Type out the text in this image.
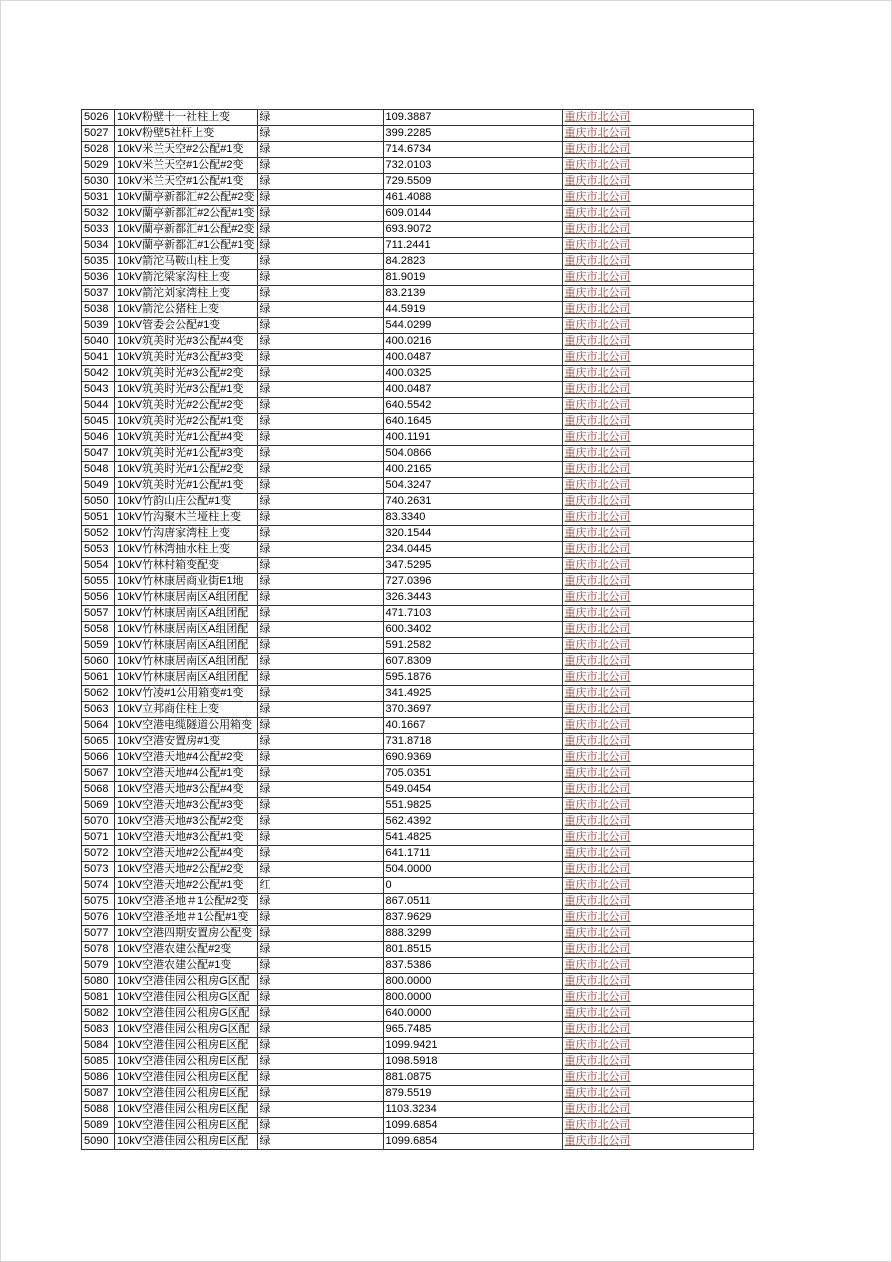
5026	10kV粉壁十一社柱上变	绿	109.3887	重庆市北公司
5027	10kV粉壁5社杆上变	绿	399.2285	重庆市北公司
5028	10kV米兰天空#2公配#1变	绿	714.6734	重庆市北公司
5029	10kV米兰天空#1公配#2变	绿	732.0103	重庆市北公司
5030	10kV米兰天空#1公配#1变	绿	729.5509	重庆市北公司
5031	10kV蘭亭新都汇#2公配#2变	绿	461.4088	重庆市北公司
5032	10kV蘭亭新都汇#2公配#1变	绿	609.0144	重庆市北公司
5033	10kV蘭亭新都汇#1公配#2变	绿	693.9072	重庆市北公司
5034	10kV蘭亭新都汇#1公配#1变	绿	711.2441	重庆市北公司
5035	10kV箭沱马鞍山柱上变	绿	84.2823	重庆市北公司
5036	10kV箭沱梁家沟柱上变	绿	81.9019	重庆市北公司
5037	10kV箭沱刘家湾柱上变	绿	83.2139	重庆市北公司
5038	10kV箭沱公猪柱上变	绿	44.5919	重庆市北公司
5039	10kV管委会公配#1变	绿	544.0299	重庆市北公司
5040	10kV筑美时光#3公配#4变	绿	400.0216	重庆市北公司
5041	10kV筑美时光#3公配#3变	绿	400.0487	重庆市北公司
5042	10kV筑美时光#3公配#2变	绿	400.0325	重庆市北公司
5043	10kV筑美时光#3公配#1变	绿	400.0487	重庆市北公司
5044	10kV筑美时光#2公配#2变	绿	640.5542	重庆市北公司
5045	10kV筑美时光#2公配#1变	绿	640.1645	重庆市北公司
5046	10kV筑美时光#1公配#4变	绿	400.1191	重庆市北公司
5047	10kV筑美时光#1公配#3变	绿	504.0866	重庆市北公司
5048	10kV筑美时光#1公配#2变	绿	400.2165	重庆市北公司
5049	10kV筑美时光#1公配#1变	绿	504.3247	重庆市北公司
5050	10kV竹韵山庄公配#1变	绿	740.2631	重庆市北公司
5051	10kV竹沟聚木兰垭柱上变	绿	83.3340	重庆市北公司
5052	10kV竹沟唐家湾柱上变	绿	320.1544	重庆市北公司
5053	10kV竹林湾抽水柱上变	绿	234.0445	重庆市北公司
5054	10kV竹林村箱变配变	绿	347.5295	重庆市北公司
5055	10kV竹林康居商业街E1地	绿	727.0396	重庆市北公司
5056	10kV竹林康居南区A组团配	绿	326.3443	重庆市北公司
5057	10kV竹林康居南区A组团配	绿	471.7103	重庆市北公司
5058	10kV竹林康居南区A组团配	绿	600.3402	重庆市北公司
5059	10kV竹林康居南区A组团配	绿	591.2582	重庆市北公司
5060	10kV竹林康居南区A组团配	绿	607.8309	重庆市北公司
5061	10kV竹林康居南区A组团配	绿	595.1876	重庆市北公司
5062	10kV竹凌#1公用箱变#1变	绿	341.4925	重庆市北公司
5063	10kV立邦商住柱上变	绿	370.3697	重庆市北公司
5064	10kV空港电缆隧道公用箱变	绿	40.1667	重庆市北公司
5065	10kV空港安置房#1变	绿	731.8718	重庆市北公司
5066	10kV空港天地#4公配#2变	绿	690.9369	重庆市北公司
5067	10kV空港天地#4公配#1变	绿	705.0351	重庆市北公司
5068	10kV空港天地#3公配#4变	绿	549.0454	重庆市北公司
5069	10kV空港天地#3公配#3变	绿	551.9825	重庆市北公司
5070	10kV空港天地#3公配#2变	绿	562.4392	重庆市北公司
5071	10kV空港天地#3公配#1变	绿	541.4825	重庆市北公司
5072	10kV空港天地#2公配#4变	绿	641.1711	重庆市北公司
5073	10kV空港天地#2公配#2变	绿	504.0000	重庆市北公司
5074	10kV空港天地#2公配#1变	红	0	重庆市北公司
5075	10kV空港圣地＃1公配#2变	绿	867.0511	重庆市北公司
5076	10kV空港圣地＃1公配#1变	绿	837.9629	重庆市北公司
5077	10kV空港四期安置房公配变	绿	888.3299	重庆市北公司
5078	10kV空港农建公配#2变	绿	801.8515	重庆市北公司
5079	10kV空港农建公配#1变	绿	837.5386	重庆市北公司
5080	10kV空港佳园公租房G区配	绿	800.0000	重庆市北公司
5081	10kV空港佳园公租房G区配	绿	800.0000	重庆市北公司
5082	10kV空港佳园公租房G区配	绿	640.0000	重庆市北公司
5083	10kV空港佳园公租房G区配	绿	965.7485	重庆市北公司
5084	10kV空港佳园公租房E区配	绿	1099.9421	重庆市北公司
5085	10kV空港佳园公租房E区配	绿	1098.5918	重庆市北公司
5086	10kV空港佳园公租房E区配	绿	881.0875	重庆市北公司
5087	10kV空港佳园公租房E区配	绿	879.5519	重庆市北公司
5088	10kV空港佳园公租房E区配	绿	1103.3234	重庆市北公司
5089	10kV空港佳园公租房E区配	绿	1099.6854	重庆市北公司
5090	10kV空港佳园公租房E区配	绿	1099.6854	重庆市北公司
